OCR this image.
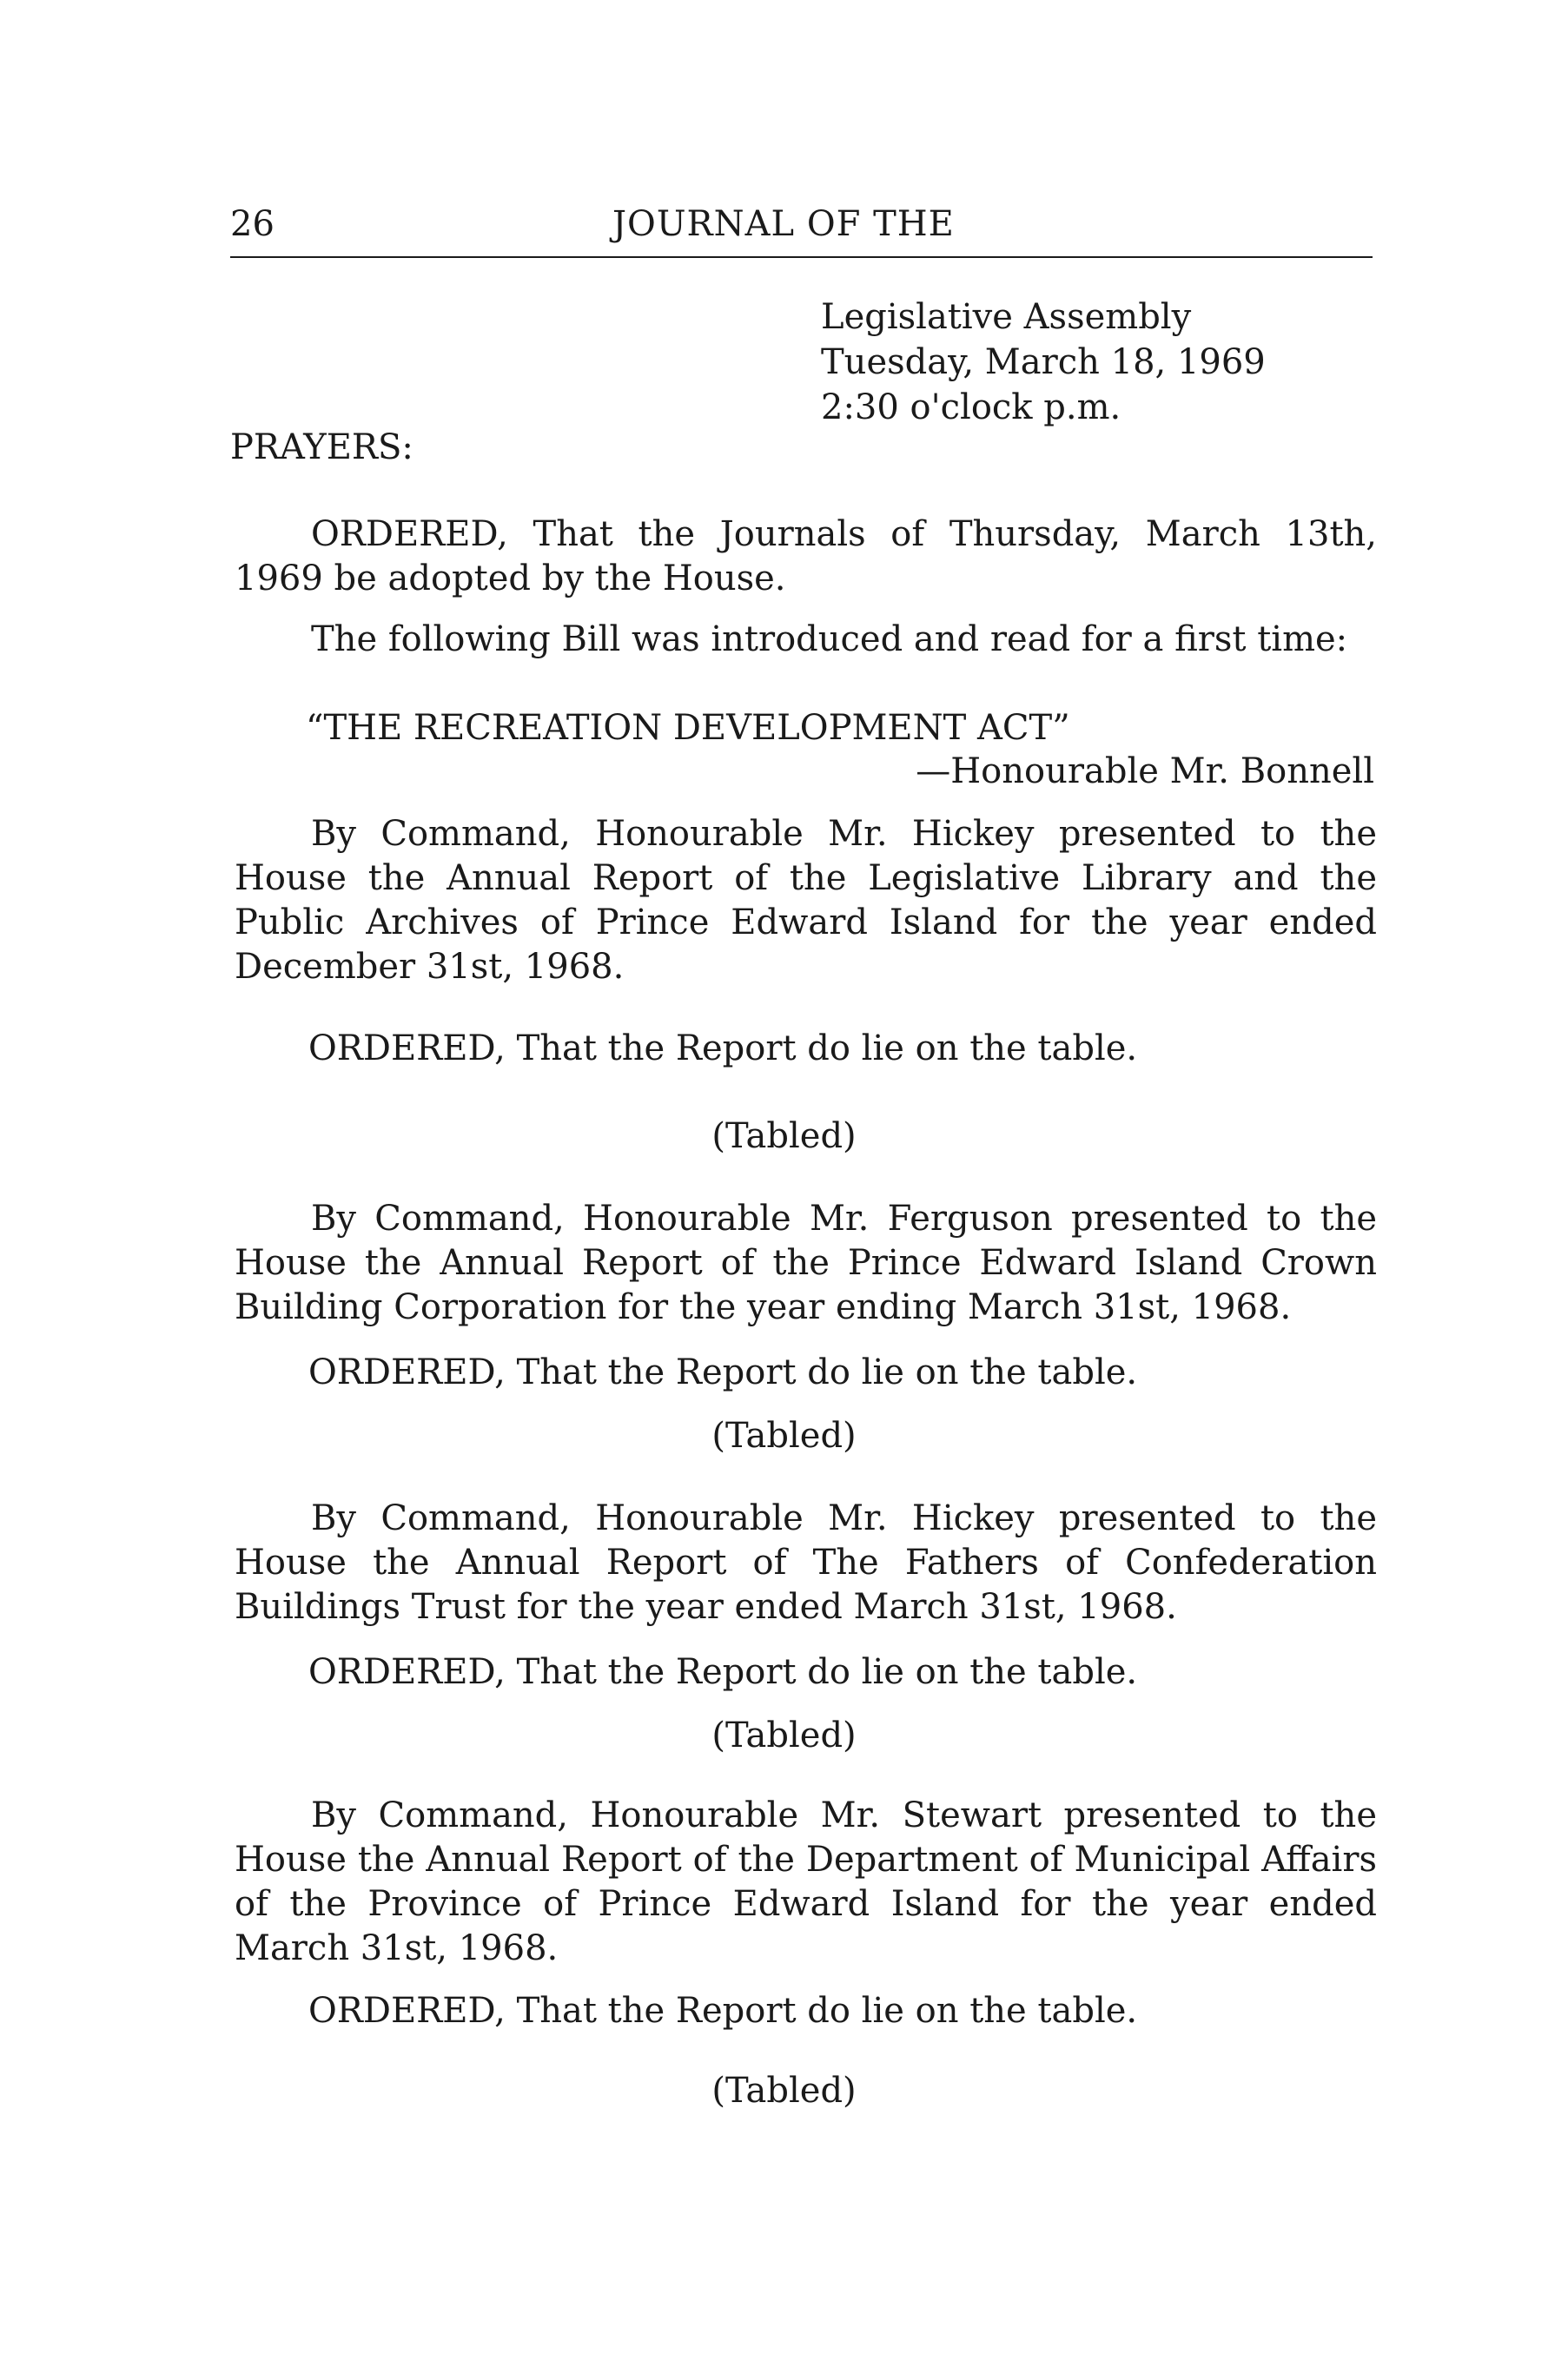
26	JOURNAL OF THE
Legislative Assembly
Tuesday, March 18, 1969
2:30 o'clock p.m.
PRAYERS:
ORDERED, That the Journals of Thursday, March 13th, 1969 be adopted by the House.
The following Bill was introduced and read for a first time:
“THE RECREATION DEVELOPMENT ACT”
—Honourable Mr. Bonnell
By Command, Honourable Mr. Hickey presented to the House the Annual Report of the Legislative Library and the Public Archives of Prince Edward Island for the year ended December 31st, 1968.
ORDERED, That the Report do lie on the table.
(Tabled)
By Command, Honourable Mr. Ferguson presented to the House the Annual Report of the Prince Edward Island Crown Building Corporation for the year ending March 31st, 1968.
ORDERED, That the Report do lie on the table.
(Tabled)
By Command, Honourable Mr. Hickey presented to the House the Annual Report of The Fathers of Confederation Buildings Trust for the year ended March 31st, 1968.
ORDERED, That the Report do lie on the table.
(Tabled)
By Command, Honourable Mr. Stewart presented to the House the Annual Report of the Department of Municipal Affairs of the Province of Prince Edward Island for the year ended March 31st, 1968.
ORDERED, That the Report do lie on the table.
(Tabled)
